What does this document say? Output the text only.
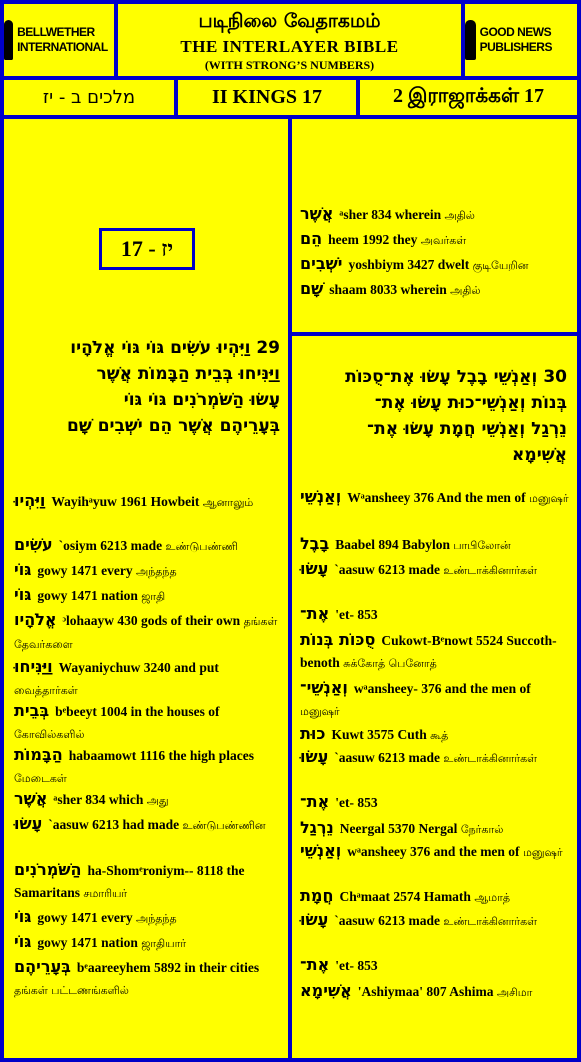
BELLWETHER INTERNATIONAL
படிநிலை வேதாகமம்
THE INTERLAYER BIBLE
(WITH STRONG’S NUMBERS)
GOOD NEWS PUBLISHERS
מלכים ב - יז	II KINGS 17	2 இராஜாக்கள் 17
יז - 17
29 וַיִּהְיוּ עֹשִׂים גּוֹי גּוֹי אֱלֹהָיו
וַיַּנִּיחוּ בְּבֵית הַבָּמוֹת אֲשֶׁר
עָשׂוּ הַשֹּׁמְרֹנִים גּוֹי גּוֹי
בְּעָרֵיהֶם אֲשֶׁר הֵם יֹשְׁבִים שָׁם
וַיִּהְיוּ Wayihᵃyuw 1961 Howbeit ஆனாலும்
עֹשִׂים `osiym 6213 made உண்டுபண்ணி
גּוֹי gowy 1471 every அந்தந்த
גּוֹי gowy 1471 nation ஜாதி
אֱלֹהָיו ᵓlohaayw 430 gods of their own தங்கள் தேவர்களை
וַיַּנִּיחוּ Wayaniychuw 3240 and put வைத்தார்கள்
בְּבֵית bᵉbeeyt 1004 in the houses of கோவில்களில்
הַבָּמוֹת habaamowt 1116 the high places மேடைகள்
אֲשֶׁר ᵃsher 834 which அது
עָשׂוּ `aasuw 6213 had made உண்டுபண்ணின
הַשֹּׁמְרֹנִים ha-Shomᵉroniym-- 8118 the Samaritans சமாரியர்
גּוֹי gowy 1471 every அந்தந்த
גּוֹי gowy 1471 nation ஜாதியார்
בְּעָרֵיהֶם bᵉaareeyhem 5892 in their cities தங்கள் பட்டணங்களில்
אֲשֶׁר ᵃsher 834 wherein அதில்
הֵם heem 1992 they அவர்கள்
יֹשְׁבִים yoshbiym 3427 dwelt குடியேறின
שָׁם shaam 8033 wherein அதில்
30 וְאַנְשֵׁי בָבֶל עָשׂוּ אֶת־סֻכּוֹת
בְּנוֹת וְאַנְשֵׁי־כוּת עָשׂוּ אֶת־
נֵרְגַל וְאַנְשֵׁי חֲמָת עָשׂוּ אֶת־
אֲשִׁימָא
וְאַנְשֵׁי Wᵃansheey 376 And the men of மனுஷர்
בָבֶל Baabel 894 Babylon பாபிலோன்
עָשׂוּ `aasuw 6213 made உண்டாக்கினார்கள்
אֶת־ 'et- 853
סֻכּוֹת בְּנוֹת Cukowt-Bᵉnowt 5524 Succoth-benoth சுக்கோத் பெனோத்
וְאַנְשֵׁי־ wᵃansheey- 376 and the men of மனுஷர்
כוּת Kuwt 3575 Cuth கூத்
עָשׂוּ `aasuw 6213 made உண்டாக்கினார்கள்
אֶת־ 'et- 853
נֵרְגַל Neergal 5370 Nergal நேர்கால்
וְאַנְשֵׁי wᵃansheey 376 and the men of மனுஷர்
חֲמָת Chᵃmaat 2574 Hamath ஆமாத்
עָשׂוּ `aasuw 6213 made உண்டாக்கினார்கள்
אֶת־ 'et- 853
אֲשִׁימָא 'Ashiymaa' 807 Ashima அசிமா
